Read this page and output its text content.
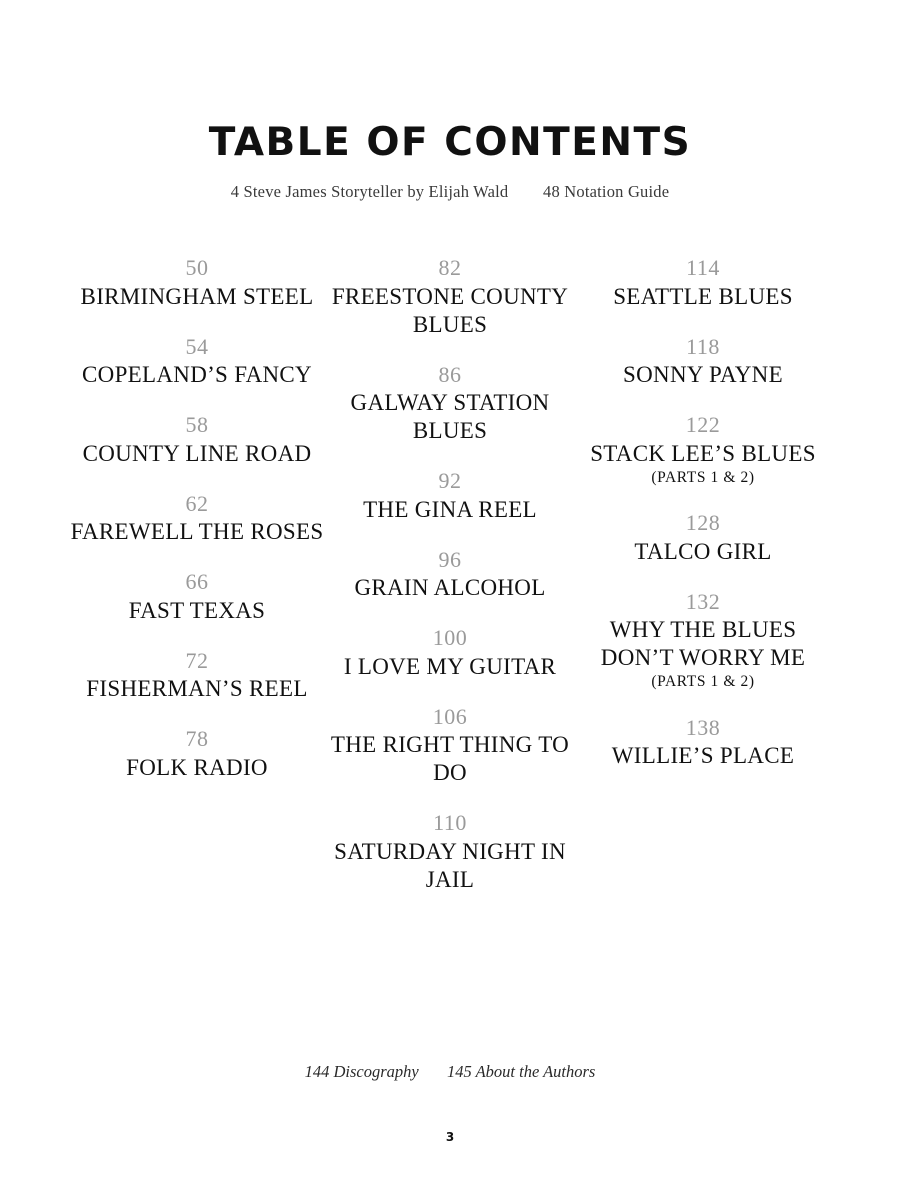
TABLE OF CONTENTS
4 Steve James Storyteller by Elijah Wald 48 Notation Guide
50
BIRMINGHAM STEEL
54
COPELAND’S FANCY
58
COUNTY LINE ROAD
62
FAREWELL THE ROSES
66
FAST TEXAS
72
FISHERMAN’S REEL
78
FOLK RADIO
82
FREESTONE COUNTY BLUES
86
GALWAY STATION BLUES
92
THE GINA REEL
96
GRAIN ALCOHOL
100
I LOVE MY GUITAR
106
THE RIGHT THING TO DO
110
SATURDAY NIGHT IN JAIL
114
SEATTLE BLUES
118
SONNY PAYNE
122
STACK LEE’S BLUES
(PARTS 1 & 2)
128
TALCO GIRL
132
WHY THE BLUES DON’T WORRY ME
(PARTS 1 & 2)
138
WILLIE’S PLACE
144 Discography 145 About the Authors
3
